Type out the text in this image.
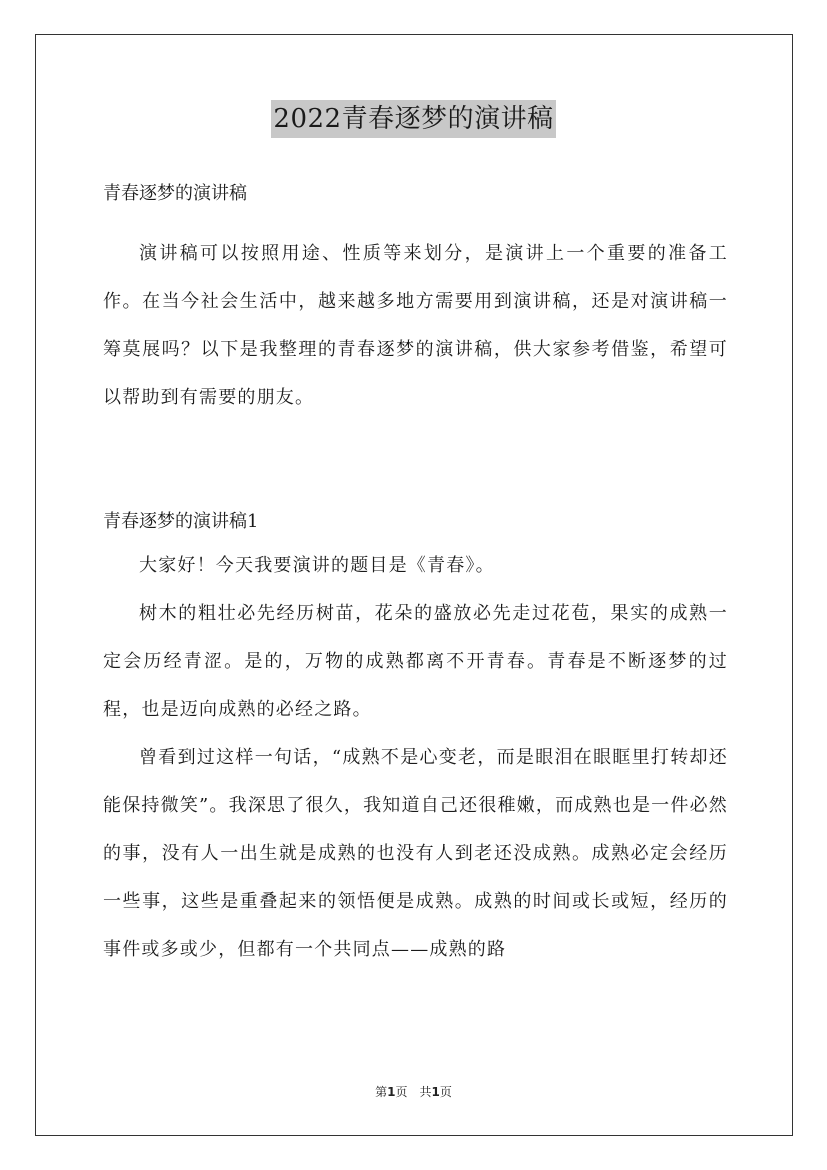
2022青春逐梦的演讲稿

青春逐梦的演讲稿

演讲稿可以按照用途、性质等来划分，是演讲上一个重要的准备工作。在当今社会生活中，越来越多地方需要用到演讲稿，还是对演讲稿一筹莫展吗？以下是我整理的青春逐梦的演讲稿，供大家参考借鉴，希望可以帮助到有需要的朋友。

青春逐梦的演讲稿1

大家好！今天我要演讲的题目是《青春》。

树木的粗壮必先经历树苗，花朵的盛放必先走过花苞，果实的成熟一定会历经青涩。是的，万物的成熟都离不开青春。青春是不断逐梦的过程，也是迈向成熟的必经之路。

曾看到过这样一句话，“成熟不是心变老，而是眼泪在眼眶里打转却还能保持微笑”。我深思了很久，我知道自己还很稚嫩，而成熟也是一件必然的事，没有人一出生就是成熟的也没有人到老还没成熟。成熟必定会经历一些事，这些是重叠起来的领悟便是成熟。成熟的时间或长或短，经历的事件或多或少，但都有一个共同点——成熟的路

第1页　共1页
